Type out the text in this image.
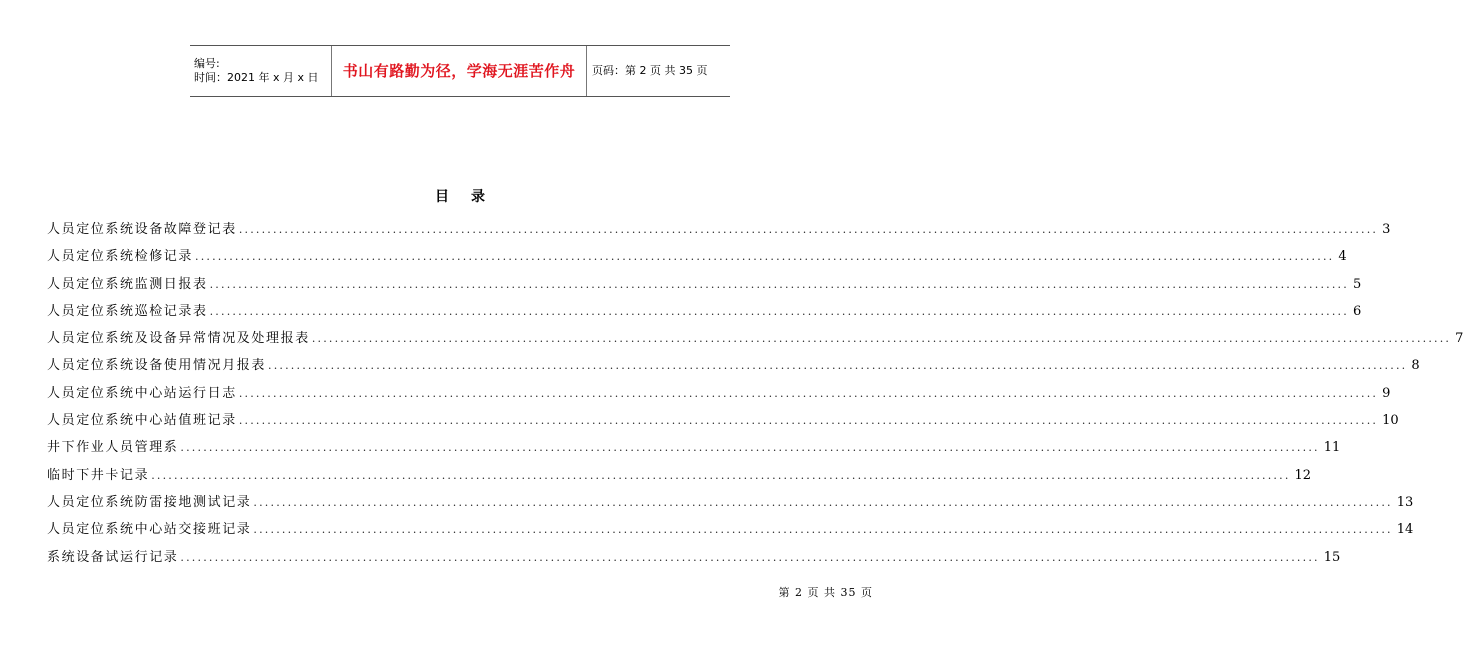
编号:
时间：2021 年 x 月 x 日	书山有路勤为径，学海无涯苦作舟 页码：第 2 页 共 35 页
目录
人员定位系统设备故障登记表 ........................................................................................................................................................................................................ 3
人员定位系统检修记录 ........................................................................................................................................................................................................ 4
人员定位系统监测日报表 ........................................................................................................................................................................................................ 5
人员定位系统巡检记录表 ........................................................................................................................................................................................................ 6
人员定位系统及设备异常情况及处理报表 ........................................................................................................................................................................................................ 7
人员定位系统设备使用情况月报表 ........................................................................................................................................................................................................ 8
人员定位系统中心站运行日志 ........................................................................................................................................................................................................ 9
人员定位系统中心站值班记录 ........................................................................................................................................................................................................ 10
井下作业人员管理系 ........................................................................................................................................................................................................ 11
临时下井卡记录 ........................................................................................................................................................................................................ 12
人员定位系统防雷接地测试记录 ........................................................................................................................................................................................................ 13
人员定位系统中心站交接班记录 ........................................................................................................................................................................................................ 14
系统设备试运行记录 ........................................................................................................................................................................................................ 15
第 2 页 共 35 页
